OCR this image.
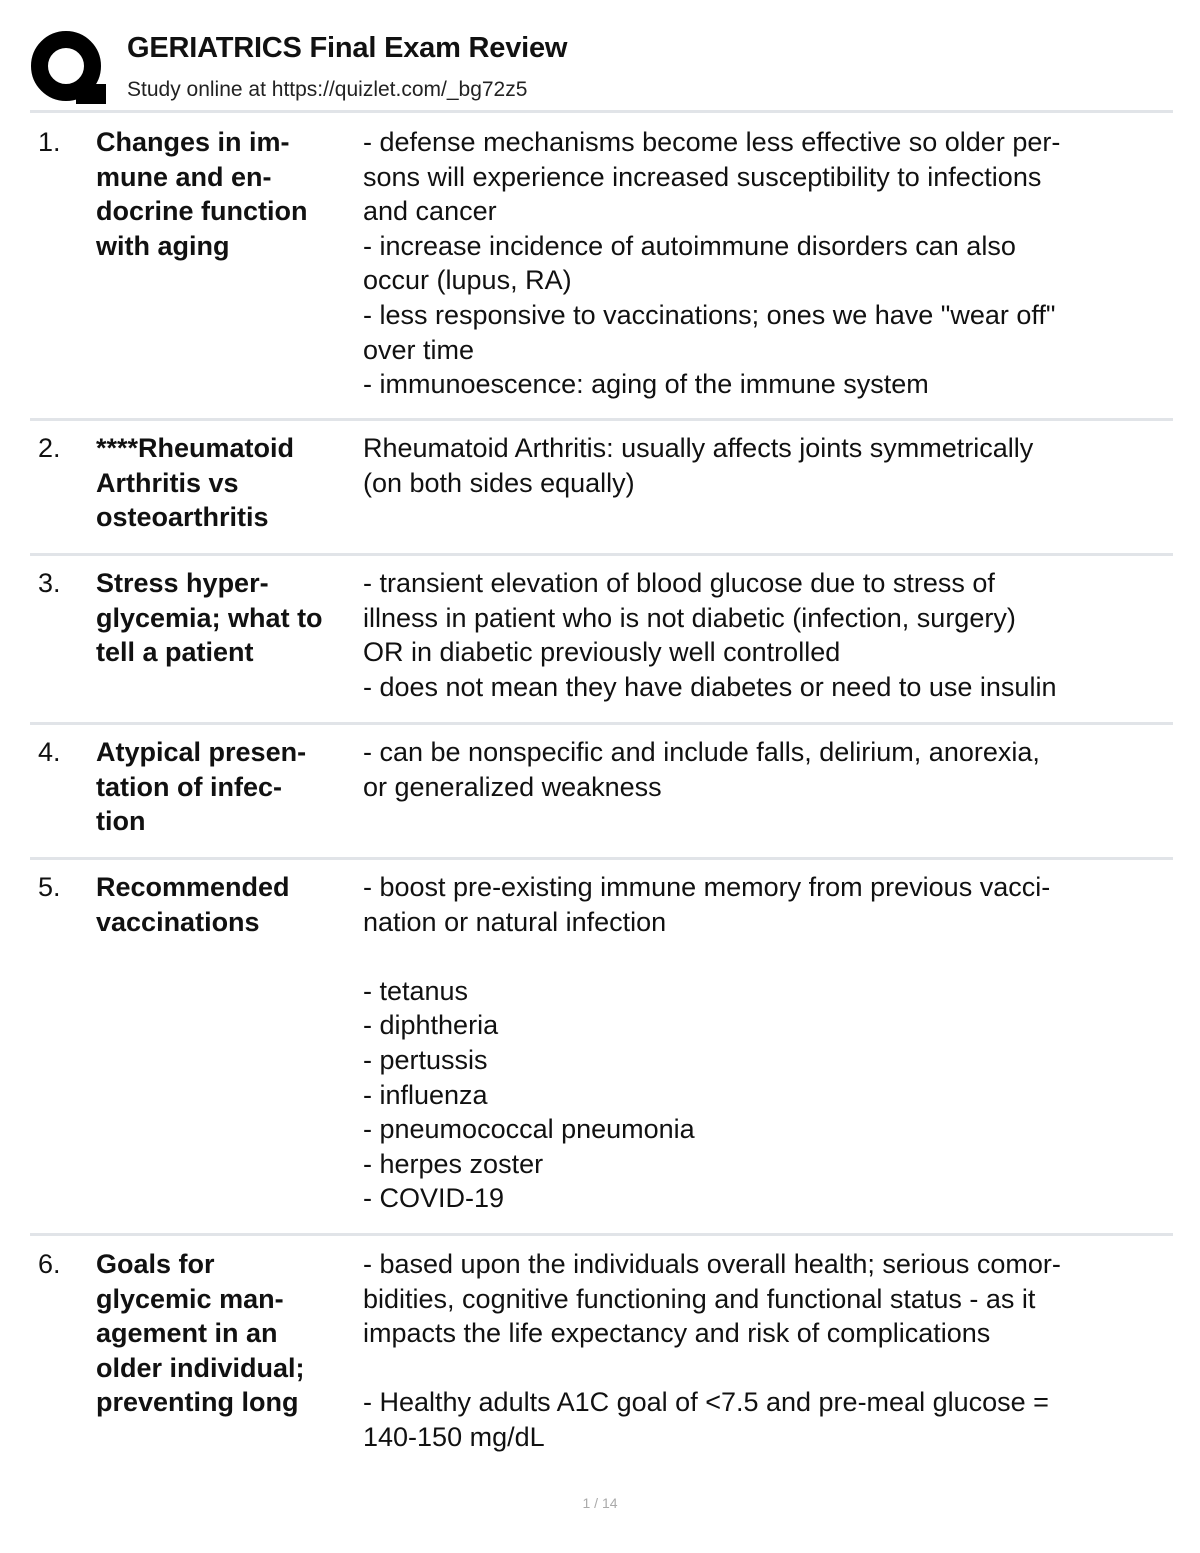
GERIATRICS Final Exam Review
Study online at https://quizlet.com/_bg72z5
1. Changes in im-
mune and en-
docrine function
with aging
- defense mechanisms become less effective so older per-
sons will experience increased susceptibility to infections
and cancer
- increase incidence of autoimmune disorders can also
occur (lupus, RA)
- less responsive to vaccinations; ones we have "wear off"
over time
- immunoescence: aging of the immune system
2. ****Rheumatoid
Arthritis vs
osteoarthritis
Rheumatoid Arthritis: usually affects joints symmetrically
(on both sides equally)
3. Stress hyper-
glycemia; what to
tell a patient
- transient elevation of blood glucose due to stress of
illness in patient who is not diabetic (infection, surgery)
OR in diabetic previously well controlled
- does not mean they have diabetes or need to use insulin
4. Atypical presen-
tation of infec-
tion
- can be nonspecific and include falls, delirium, anorexia,
or generalized weakness
5. Recommended
vaccinations
- boost pre-existing immune memory from previous vacci-
nation or natural infection
- tetanus
- diphtheria
- pertussis
- influenza
- pneumococcal pneumonia
- herpes zoster
- COVID-19
6. Goals for
glycemic man-
agement in an
older individual;
preventing long
- based upon the individuals overall health; serious comor-
bidities, cognitive functioning and functional status - as it
impacts the life expectancy and risk of complications
- Healthy adults A1C goal of <7.5 and pre-meal glucose =
140-150 mg/dL
1 / 14
